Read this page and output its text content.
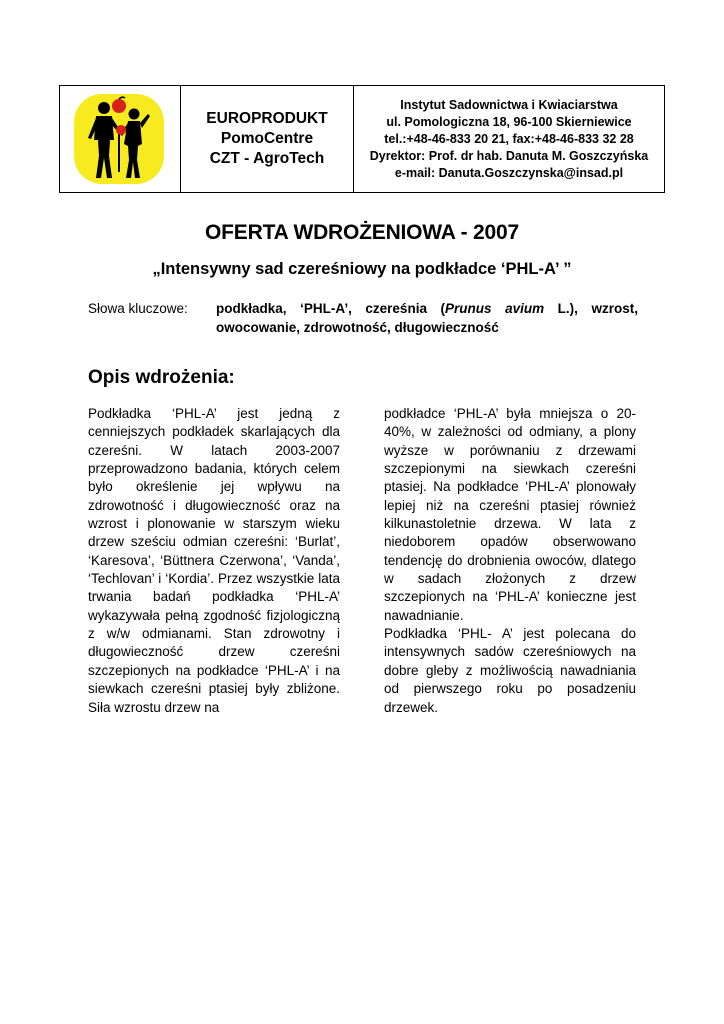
EUROPRODUKT
PomoCentre
CZT - AgroTech
Instytut Sadownictwa i Kwiaciarstwa
ul. Pomologiczna 18, 96-100 Skierniewice
tel.:+48-46-833 20 21, fax:+48-46-833 32 28
Dyrektor: Prof. dr hab. Danuta M. Goszczyńska
e-mail: Danuta.Goszczynska@insad.pl
OFERTA WDROŻENIOWA - 2007
„Intensywny sad czereśniowy na podkładce ‘PHL-A’ ”
Słowa kluczowe:	podkładka, ‘PHL-A’, czereśnia (Prunus avium L.), wzrost, owocowanie, zdrowotność, długowieczność
Opis wdrożenia:

Podkładka ‘PHL-A’ jest jedną z cenniejszych podkładek skarlających dla czereśni. W latach 2003-2007 przeprowadzono badania, których celem było określenie jej wpływu na zdrowotność i długowieczność oraz na wzrost i plonowanie w starszym wieku drzew sześciu odmian czereśni: ‘Burlat’, ‘Karesova’, ‘Büttnera Czerwona’, ‘Vanda’, ‘Techlovan’ i ‘Kordia’. Przez wszystkie lata trwania badań podkładka ‘PHL-A’ wykazywała pełną zgodność fizjologiczną z w/w odmianami. Stan zdrowotny i długowieczność drzew czereśni szczepionych na podkładce ‘PHL-A’ i na siewkach czereśni ptasiej były zbliżone. Siła wzrostu drzew na

podkładce ‘PHL-A’ była mniejsza o 20-40%, w zależności od odmiany, a plony wyższe w porównaniu z drzewami szczepionymi na siewkach czereśni ptasiej. Na podkładce ‘PHL-A’ plonowały lepiej niż na czereśni ptasiej również kilkunastoletnie drzewa. W lata z niedoborem opadów obserwowano tendencję do drobnienia owoców, dlatego w sadach złożonych z drzew szczepionych na ‘PHL-A’ konieczne jest nawadnianie.

Podkładka ‘PHL- A’ jest polecana do intensywnych sadów czereśniowych na dobre gleby z możliwością nawadniania od pierwszego roku po posadzeniu drzewek.
